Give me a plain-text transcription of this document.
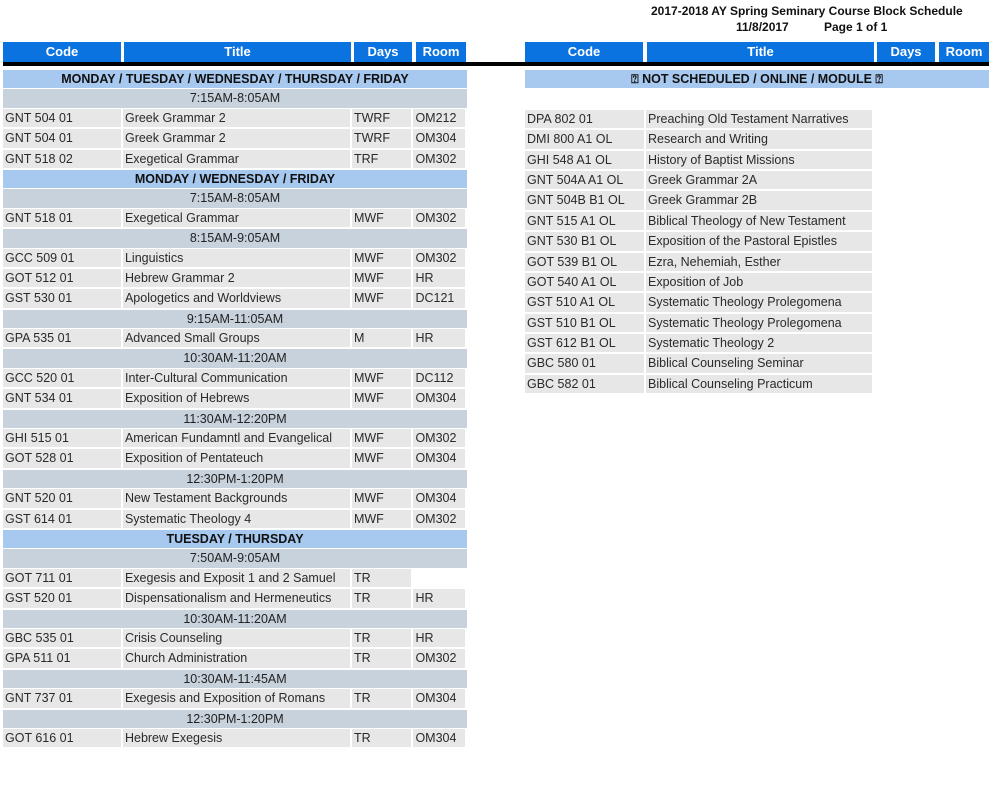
2017-2018 AY Spring Seminary Course Block Schedule
11/8/2017	Page 1 of 1
Code	Title	Days	Room	Code	Title	Days	Room
MONDAY / TUESDAY / WEDNESDAY / THURSDAY / FRIDAY
7:15AM-8:05AM
GNT 504 01	Greek Grammar 2	TWRF	OM212
GNT 504 01	Greek Grammar 2	TWRF	OM304
GNT 518 02	Exegetical Grammar	TRF	OM302
MONDAY / WEDNESDAY / FRIDAY
7:15AM-8:05AM
GNT 518 01	Exegetical Grammar	MWF	OM302
8:15AM-9:05AM
GCC 509 01	Linguistics	MWF	OM302
GOT 512 01	Hebrew Grammar 2	MWF	HR
GST 530 01	Apologetics and Worldviews	MWF	DC121
9:15AM-11:05AM
GPA 535 01	Advanced Small Groups	M	HR
10:30AM-11:20AM
GCC 520 01	Inter-Cultural Communication	MWF	DC112
GNT 534 01	Exposition of Hebrews	MWF	OM304
11:30AM-12:20PM
GHI 515 01	American Fundamntl and Evangelical	MWF	OM302
GOT 528 01	Exposition of Pentateuch	MWF	OM304
12:30PM-1:20PM
GNT 520 01	New Testament Backgrounds	MWF	OM304
GST 614 01	Systematic Theology 4	MWF	OM302
TUESDAY / THURSDAY
7:50AM-9:05AM
GOT 711 01	Exegesis and Exposit 1 and 2 Samuel	TR
GST 520 01	Dispensationalism and Hermeneutics	TR	HR
10:30AM-11:20AM
GBC 535 01	Crisis Counseling	TR	HR
GPA 511 01	Church Administration	TR	OM302
10:30AM-11:45AM
GNT 737 01	Exegesis and Exposition of Romans	TR	OM304
12:30PM-1:20PM
GOT 616 01	Hebrew Exegesis	TR	OM304
⍰ NOT SCHEDULED / ONLINE / MODULE ⍰
DPA 802 01	Preaching Old Testament Narratives
DMI 800 A1 OL	Research and Writing
GHI 548 A1 OL	History of Baptist Missions
GNT 504A A1 OL	Greek Grammar 2A
GNT 504B B1 OL	Greek Grammar 2B
GNT 515 A1 OL	Biblical Theology of New Testament
GNT 530 B1 OL	Exposition of the Pastoral Epistles
GOT 539 B1 OL	Ezra, Nehemiah, Esther
GOT 540 A1 OL	Exposition of Job
GST 510 A1 OL	Systematic Theology Prolegomena
GST 510 B1 OL	Systematic Theology Prolegomena
GST 612 B1 OL	Systematic Theology 2
GBC 580 01	Biblical Counseling Seminar
GBC 582 01	Biblical Counseling Practicum
